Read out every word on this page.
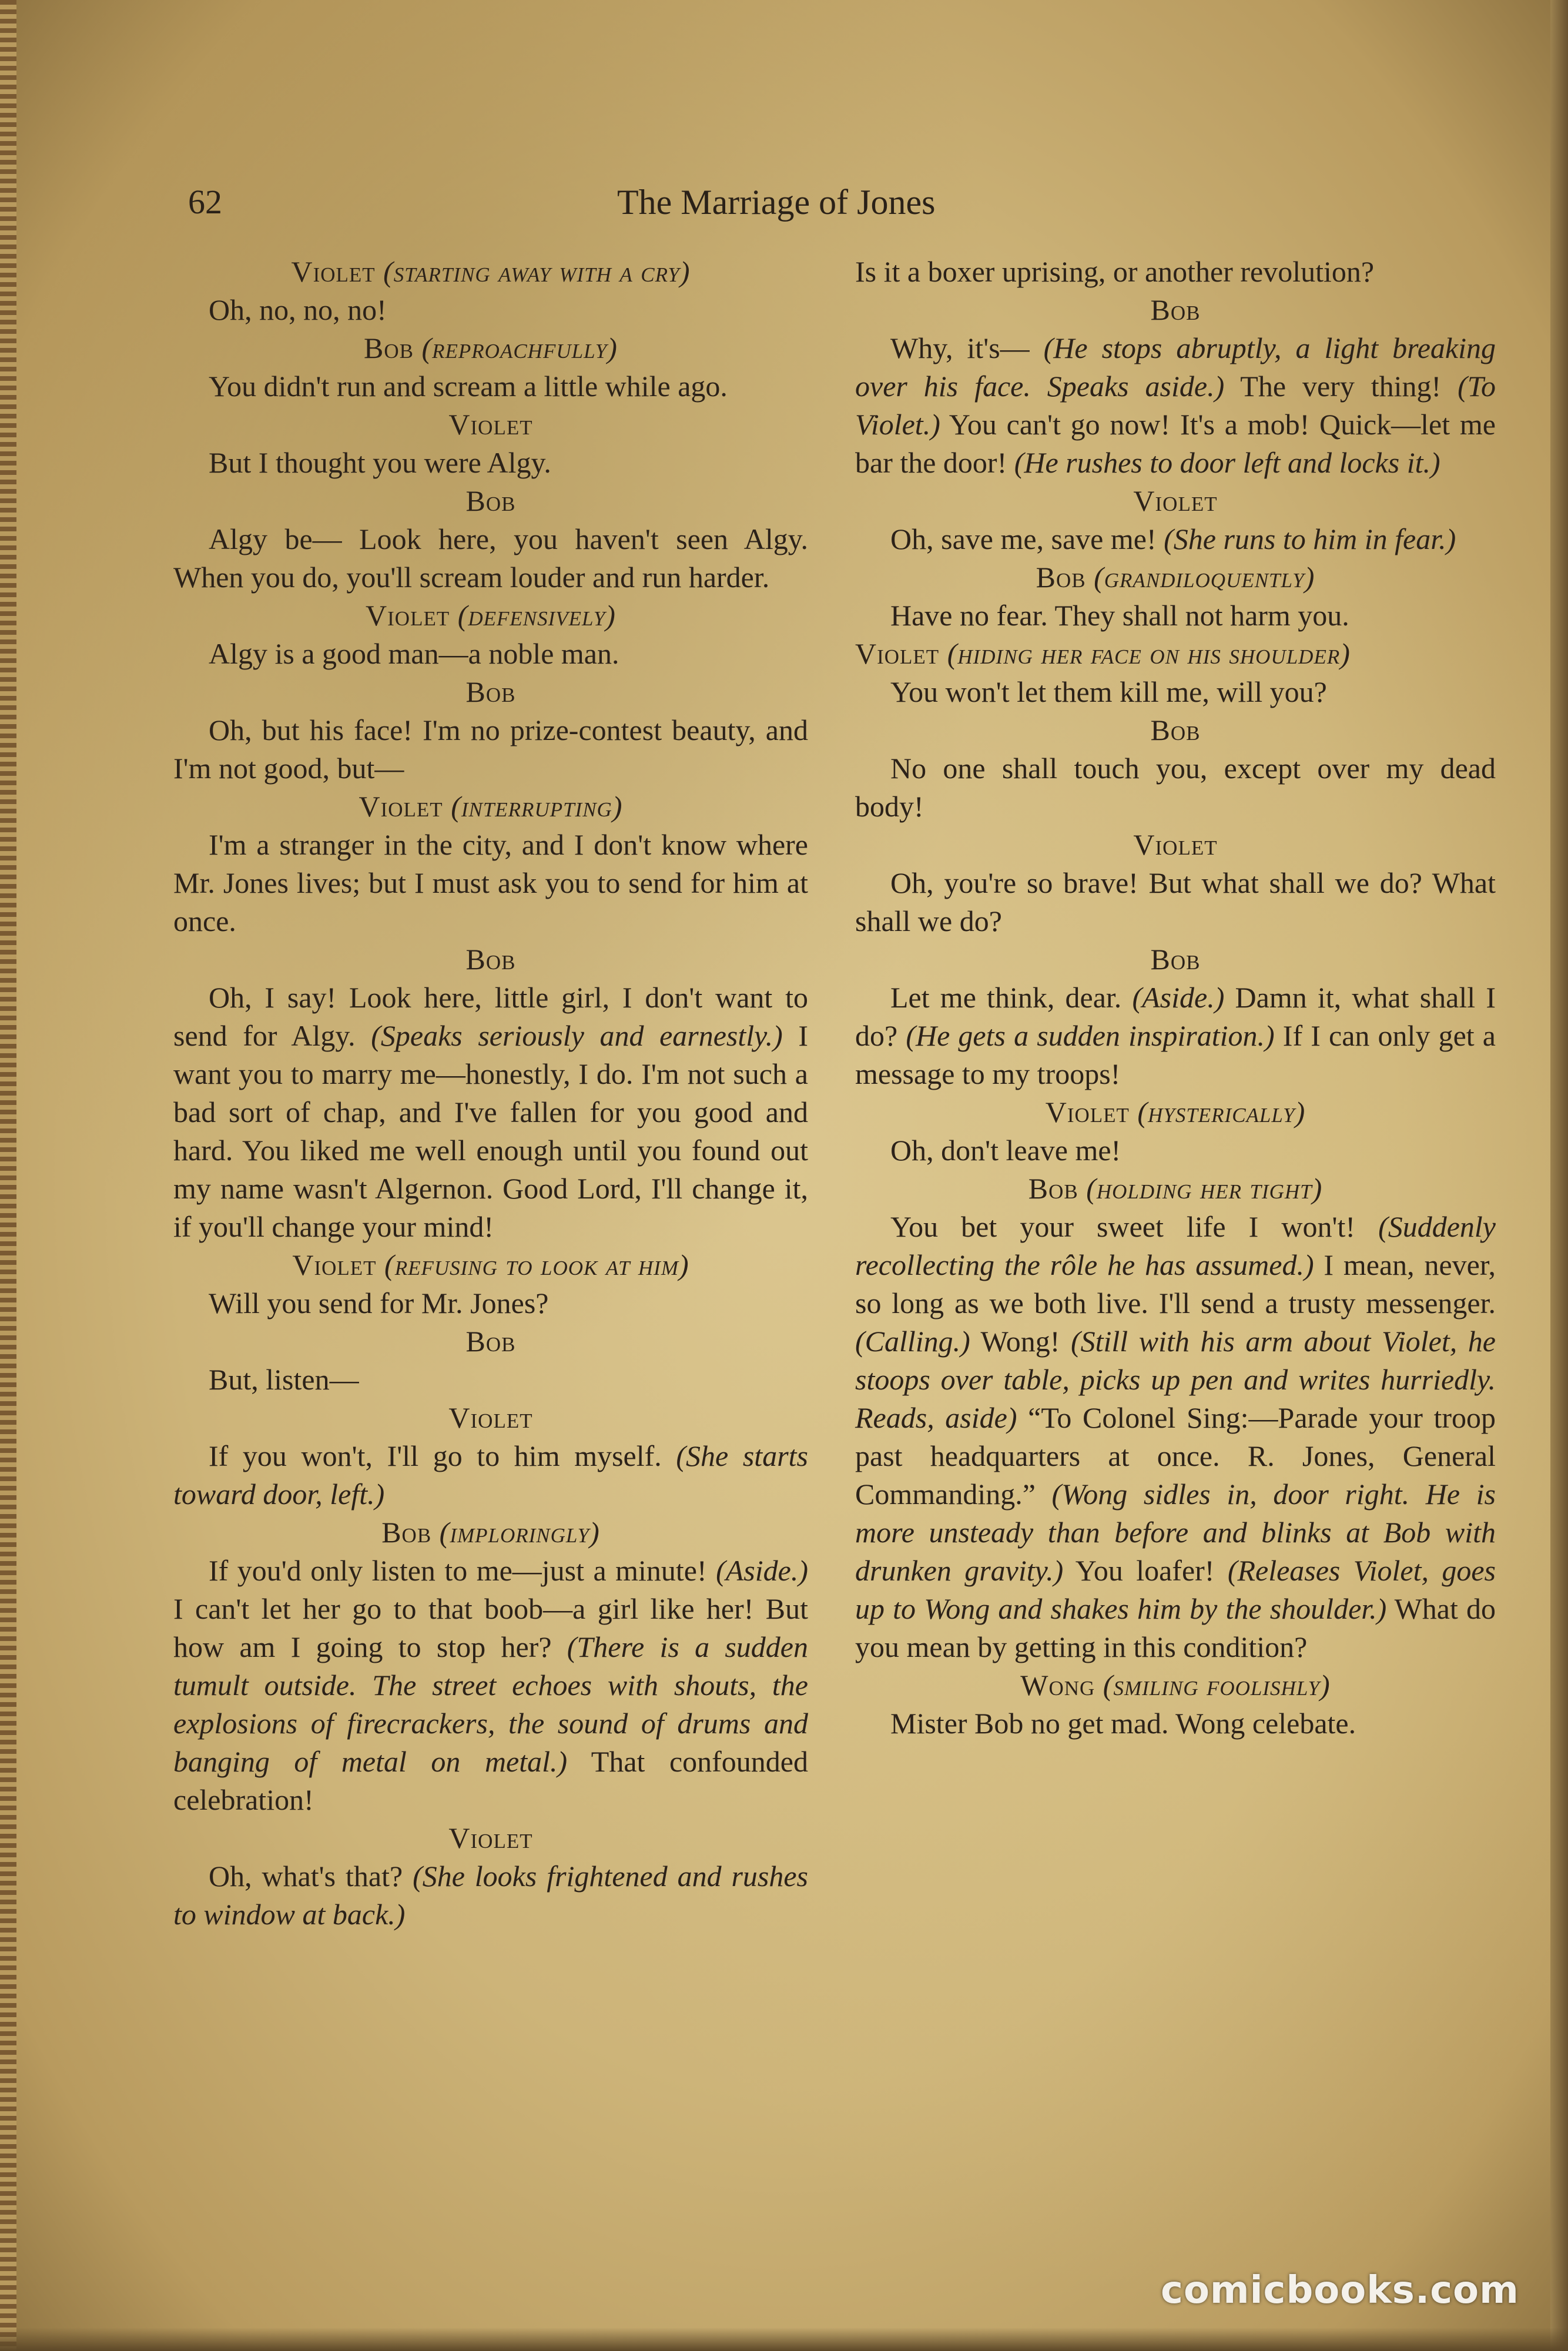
62	The Marriage of Jones
Violet (starting away with a cry)
Oh, no, no, no!
Bob (reproachfully)
You didn't run and scream a little while ago.
Violet
But I thought you were Algy.
Bob
Algy be— Look here, you haven't seen Algy. When you do, you'll scream louder and run harder.
Violet (defensively)
Algy is a good man—a noble man.
Bob
Oh, but his face! I'm no prize-contest beauty, and I'm not good, but—
Violet (interrupting)
I'm a stranger in the city, and I don't know where Mr. Jones lives; but I must ask you to send for him at once.
Bob
Oh, I say! Look here, little girl, I don't want to send for Algy. (Speaks seriously and earnestly.) I want you to marry me—honestly, I do. I'm not such a bad sort of chap, and I've fallen for you good and hard. You liked me well enough until you found out my name wasn't Algernon. Good Lord, I'll change it, if you'll change your mind!
Violet (refusing to look at him)
Will you send for Mr. Jones?
Bob
But, listen—
Violet
If you won't, I'll go to him myself. (She starts toward door, left.)
Bob (imploringly)
If you'd only listen to me—just a minute! (Aside.) I can't let her go to that boob—a girl like her! But how am I going to stop her? (There is a sudden tumult outside. The street echoes with shouts, the explosions of firecrackers, the sound of drums and banging of metal on metal.) That confounded celebration!
Violet
Oh, what's that? (She looks frightened and rushes to window at back.)
Is it a boxer uprising, or another revolution?
Bob
Why, it's— (He stops abruptly, a light breaking over his face. Speaks aside.) The very thing! (To Violet.) You can't go now! It's a mob! Quick—let me bar the door! (He rushes to door left and locks it.)
Violet
Oh, save me, save me! (She runs to him in fear.)
Bob (grandiloquently)
Have no fear. They shall not harm you.
Violet (hiding her face on his shoulder)
You won't let them kill me, will you?
Bob
No one shall touch you, except over my dead body!
Violet
Oh, you're so brave! But what shall we do? What shall we do?
Bob
Let me think, dear. (Aside.) Damn it, what shall I do? (He gets a sudden inspiration.) If I can only get a message to my troops!
Violet (hysterically)
Oh, don't leave me!
Bob (holding her tight)
You bet your sweet life I won't! (Suddenly recollecting the rôle he has assumed.) I mean, never, so long as we both live. I'll send a trusty messenger. (Calling.) Wong! (Still with his arm about Violet, he stoops over table, picks up pen and writes hurriedly. Reads, aside) “To Colonel Sing:—Parade your troop past headquarters at once. R. Jones, General Commanding.” (Wong sidles in, door right. He is more unsteady than before and blinks at Bob with drunken gravity.) You loafer! (Releases Violet, goes up to Wong and shakes him by the shoulder.) What do you mean by getting in this condition?
Wong (smiling foolishly)
Mister Bob no get mad. Wong celebate.
comicbooks.com
